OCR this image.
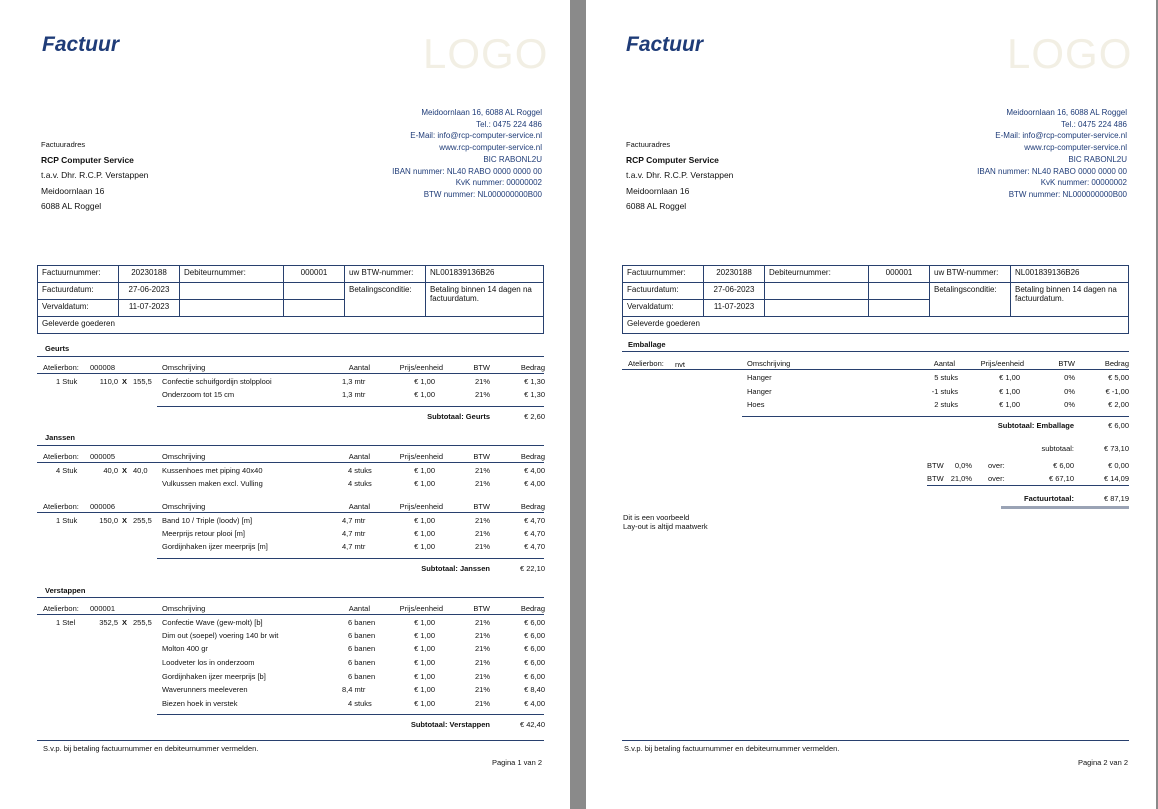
Factuur	LOGO
Meidoornlaan 16, 6088 AL Roggel
Tel.: 0475 224 486
E-Mail: info@rcp-computer-service.nl
www.rcp-computer-service.nl
BIC RABONL2U
IBAN nummer: NL40 RABO 0000 0000 00
KvK nummer: 00000002
BTW nummer: NL000000000B00
Factuuradres
RCP Computer Service
t.a.v. Dhr. R.C.P. Verstappen
Meidoornlaan 16
6088 AL Roggel
Factuurnummer:	20230188	Debiteurnummer:	000001	uw BTW-nummer:	NL001839136B26
Factuurdatum:	27-06-2023			Betalingsconditie:	Betaling binnen 14 dagen na factuurdatum.
Vervaldatum:	11-07-2023				
Geleverde goederen					
Geurts
Atelierbon: 000008	Omschrijving	Aantal	Prijs/eenheid	BTW	Bedrag
1 Stuk	110,0 X 155,5 Confectie schuifgordijn stolpplooi	1,3 mtr	€ 1,00	21%	€ 1,30
Onderzoom tot 15 cm	1,3 mtr	€ 1,00	21%	€ 1,30
Subtotaal: Geurts	€ 2,60
Janssen
Atelierbon: 000005	Omschrijving	Aantal	Prijs/eenheid	BTW	Bedrag
4 Stuk	40,0 X 40,0 Kussenhoes met piping 40x40	4 stuks	€ 1,00	21%	€ 4,00
Vulkussen maken excl. Vulling	4 stuks	€ 1,00	21%	€ 4,00
Atelierbon: 000006	Omschrijving	Aantal	Prijs/eenheid	BTW	Bedrag
1 Stuk	150,0 X 255,5 Band 10 / Triple (loodv) [m]	4,7 mtr	€ 1,00	21%	€ 4,70
Meerprijs retour plooi [m]	4,7 mtr	€ 1,00	21%	€ 4,70
Gordijnhaken ijzer meerprijs [m]	4,7 mtr	€ 1,00	21%	€ 4,70
Subtotaal: Janssen	€ 22,10
Verstappen
Atelierbon: 000001	Omschrijving	Aantal	Prijs/eenheid	BTW	Bedrag
1 Stel	352,5 X 255,5 Confectie Wave (gew-molt) [b]	6 banen	€ 1,00	21%	€ 6,00
Dim out (soepel) voering 140 br wit	6 banen	€ 1,00	21%	€ 6,00
Molton 400 gr	6 banen	€ 1,00	21%	€ 6,00
Loodveter los in onderzoom	6 banen	€ 1,00	21%	€ 6,00
Gordijnhaken ijzer meerprijs [b]	6 banen	€ 1,00	21%	€ 6,00
Waverunners meeleveren	8,4 mtr	€ 1,00	21%	€ 8,40
Biezen hoek in verstek	4 stuks	€ 1,00	21%	€ 4,00
Subtotaal: Verstappen	€ 42,40
S.v.p. bij betaling factuurnummer en debiteurnummer vermelden.
Pagina 1 van 2
Factuur	LOGO
Meidoornlaan 16, 6088 AL Roggel
Tel.: 0475 224 486
E-Mail: info@rcp-computer-service.nl
www.rcp-computer-service.nl
BIC RABONL2U
IBAN nummer: NL40 RABO 0000 0000 00
KvK nummer: 00000002
BTW nummer: NL000000000B00
Factuuradres
RCP Computer Service
t.a.v. Dhr. R.C.P. Verstappen
Meidoornlaan 16
6088 AL Roggel
Factuurnummer:	20230188	Debiteurnummer:	000001	uw BTW-nummer:	NL001839136B26
Factuurdatum:	27-06-2023			Betalingsconditie:	Betaling binnen 14 dagen na factuurdatum.
Vervaldatum:	11-07-2023				
Geleverde goederen					
Emballage
Atelierbon: nvt	Omschrijving	Aantal	Prijs/eenheid	BTW	Bedrag
Hanger	5 stuks	€ 1,00	0%	€ 5,00
Hanger	-1 stuks	€ 1,00	0%	€ -1,00
Hoes	2 stuks	€ 1,00	0%	€ 2,00
Subtotaal: Emballage	€ 6,00
subtotaal:	€ 73,10
BTW	0,0% over:	€ 6,00	€ 0,00
BTW 21,0% over:	€ 67,10	€ 14,09
Factuurtotaal:	€ 87,19
Dit is een voorbeeld
Lay-out is altijd maatwerk
S.v.p. bij betaling factuurnummer en debiteurnummer vermelden.
Pagina 2 van 2
